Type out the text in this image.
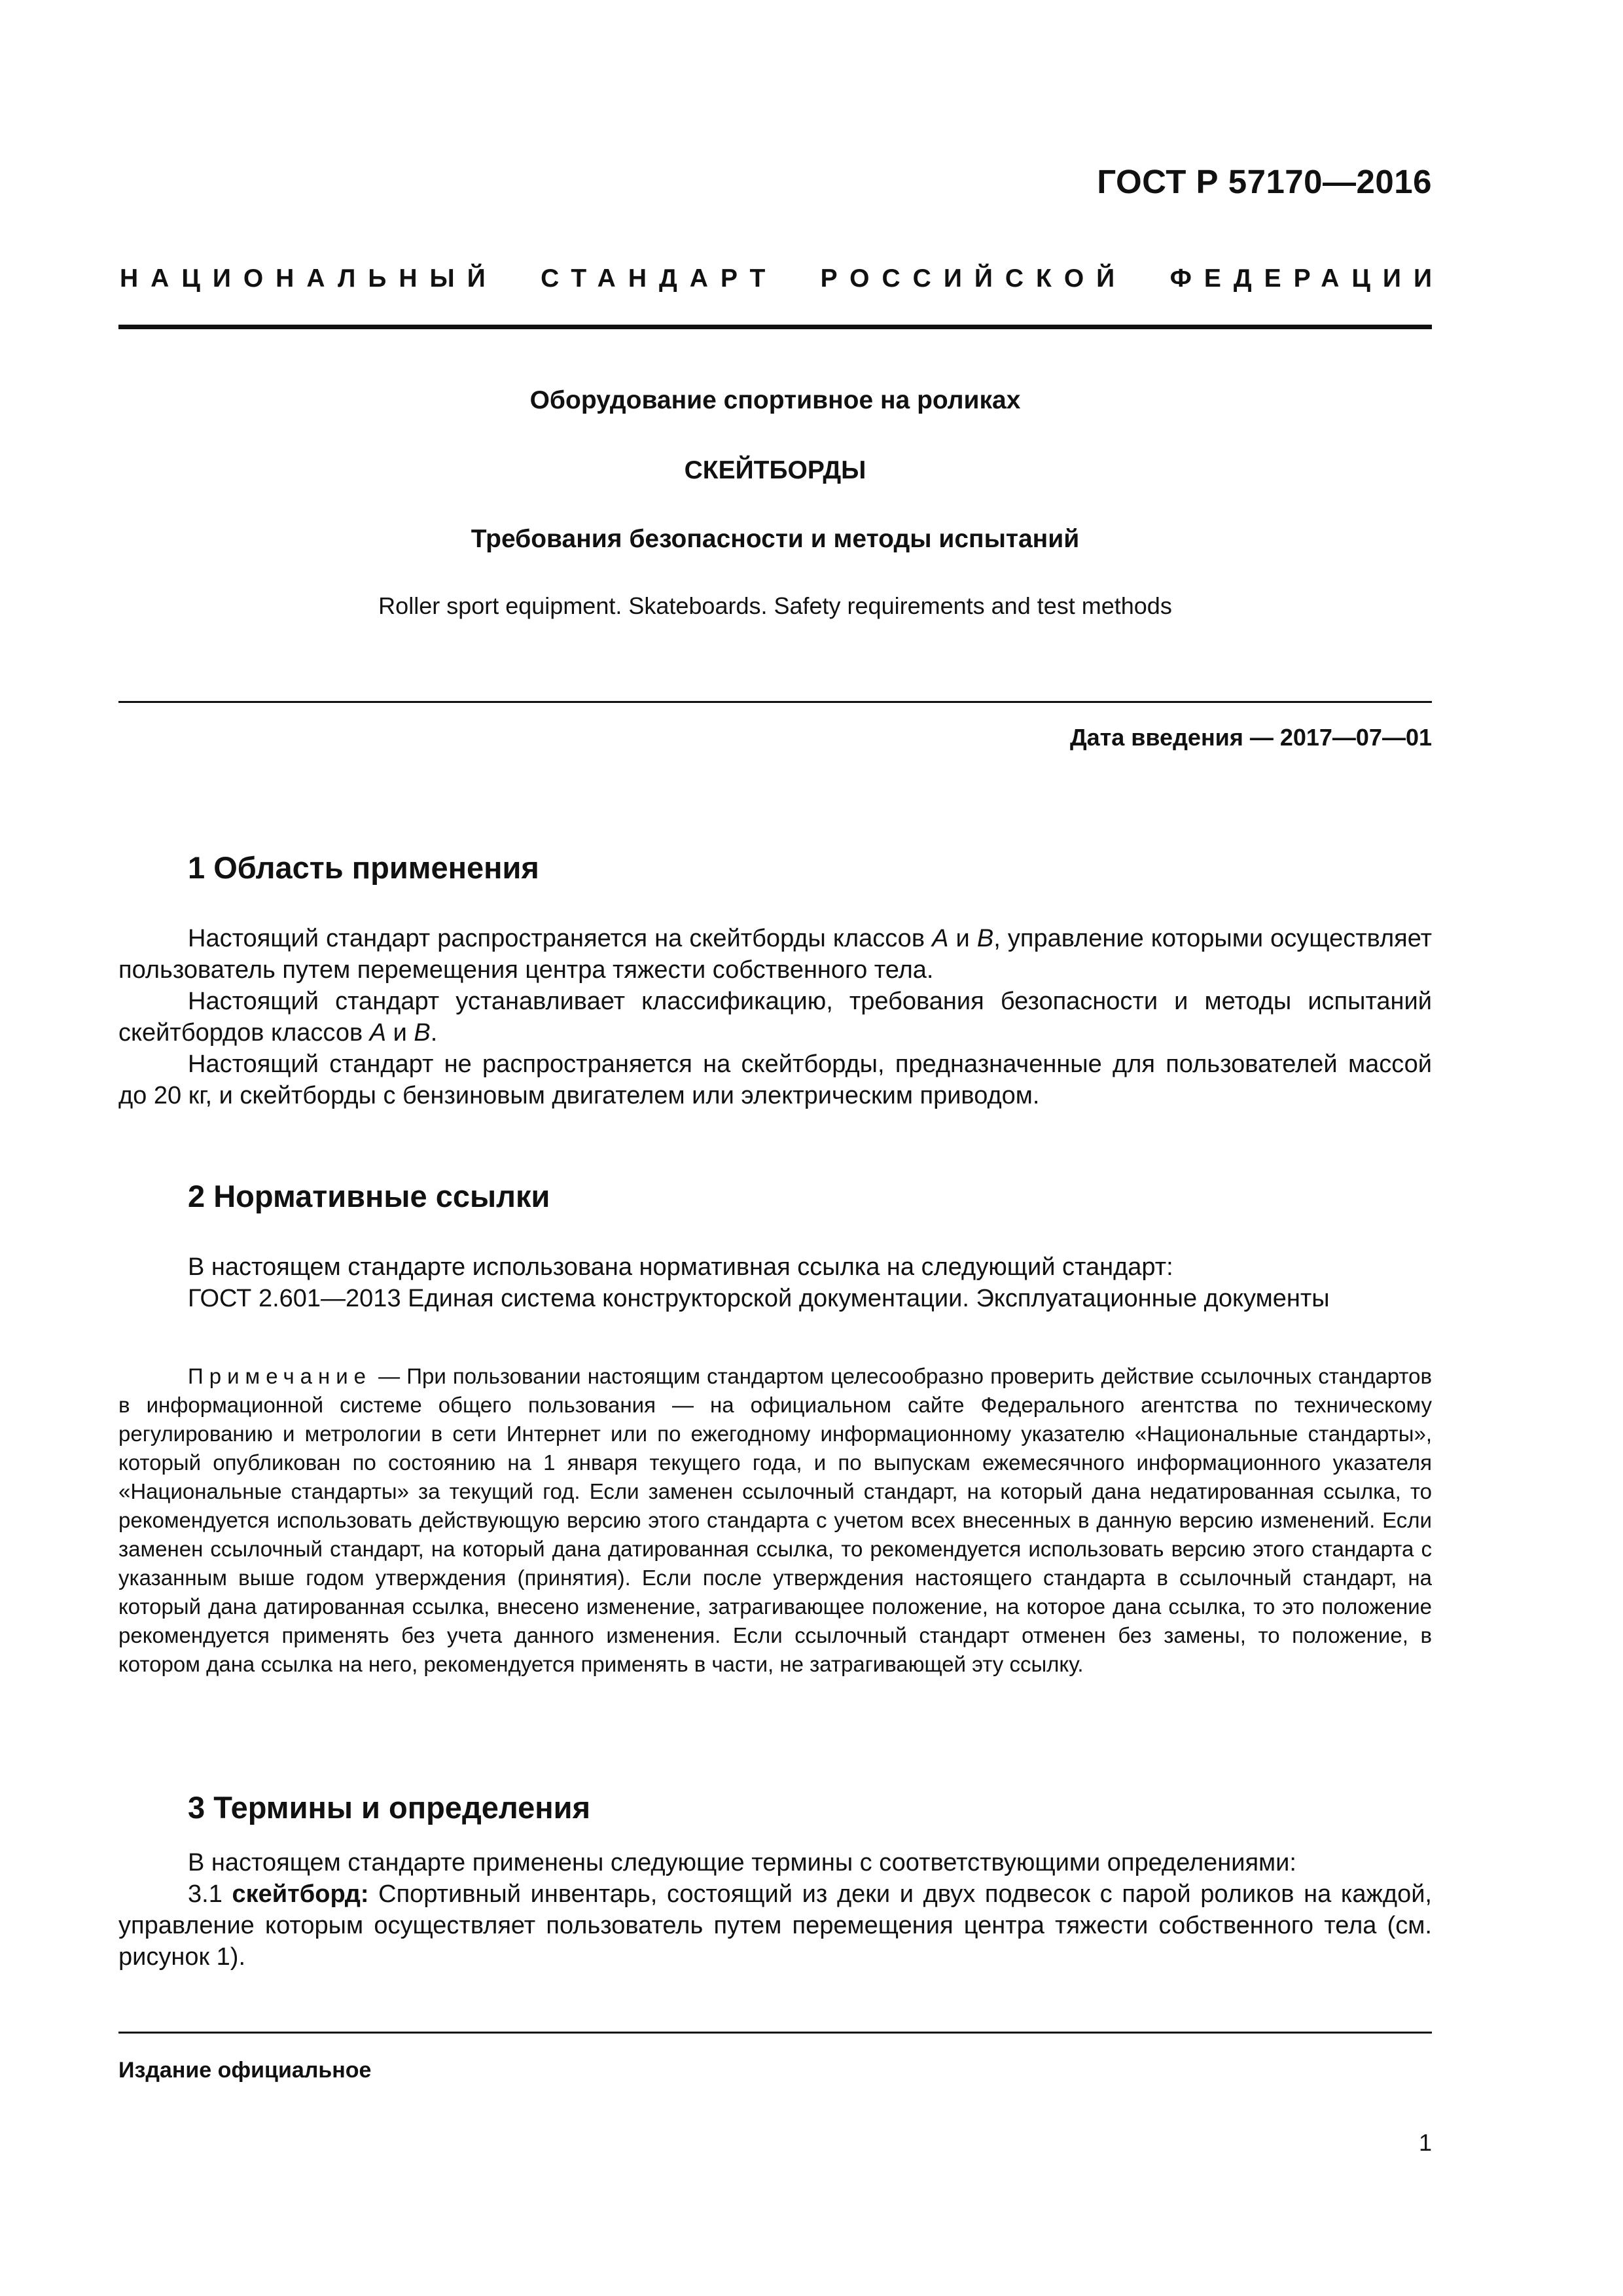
ГОСТ Р 57170—2016
НАЦИОНАЛЬНЫЙ СТАНДАРТ РОССИЙСКОЙ ФЕДЕРАЦИИ
Оборудование спортивное на роликах
СКЕЙТБОРДЫ
Требования безопасности и методы испытаний
Roller sport equipment. Skateboards. Safety requirements and test methods
Дата введения — 2017—07—01
1 Область применения

Настоящий стандарт распространяется на скейтборды классов А и В, управление которыми осуществляет пользователь путем перемещения центра тяжести собственного тела.

Настоящий стандарт устанавливает классификацию, требования безопасности и методы испытаний скейтбордов классов А и В.

Настоящий стандарт не распространяется на скейтборды, предназначенные для пользователей массой до 20 кг, и скейтборды с бензиновым двигателем или электрическим приводом.

2 Нормативные ссылки

В настоящем стандарте использована нормативная ссылка на следующий стандарт:

ГОСТ 2.601—2013 Единая система конструкторской документации. Эксплуатационные документы

Примечание — При пользовании настоящим стандартом целесообразно проверить действие ссылочных стандартов в информационной системе общего пользования — на официальном сайте Федерального агентства по техническому регулированию и метрологии в сети Интернет или по ежегодному информационному указателю «Национальные стандарты», который опубликован по состоянию на 1 января текущего года, и по выпускам ежемесячного информационного указателя «Национальные стандарты» за текущий год. Если заменен ссылочный стандарт, на который дана недатированная ссылка, то рекомендуется использовать действующую версию этого стандарта с учетом всех внесенных в данную версию изменений. Если заменен ссылочный стандарт, на который дана датированная ссылка, то рекомендуется использовать версию этого стандарта с указанным выше годом утверждения (принятия). Если после утверждения настоящего стандарта в ссылочный стандарт, на который дана датированная ссылка, внесено изменение, затрагивающее положение, на которое дана ссылка, то это положение рекомендуется применять без учета данного изменения. Если ссылочный стандарт отменен без замены, то положение, в котором дана ссылка на него, рекомендуется применять в части, не затрагивающей эту ссылку.

3 Термины и определения

В настоящем стандарте применены следующие термины с соответствующими определениями:

3.1 скейтборд: Спортивный инвентарь, состоящий из деки и двух подвесок с парой роликов на каждой, управление которым осуществляет пользователь путем перемещения центра тяжести собственного тела (см. рисунок 1).

Издание официальное
1
